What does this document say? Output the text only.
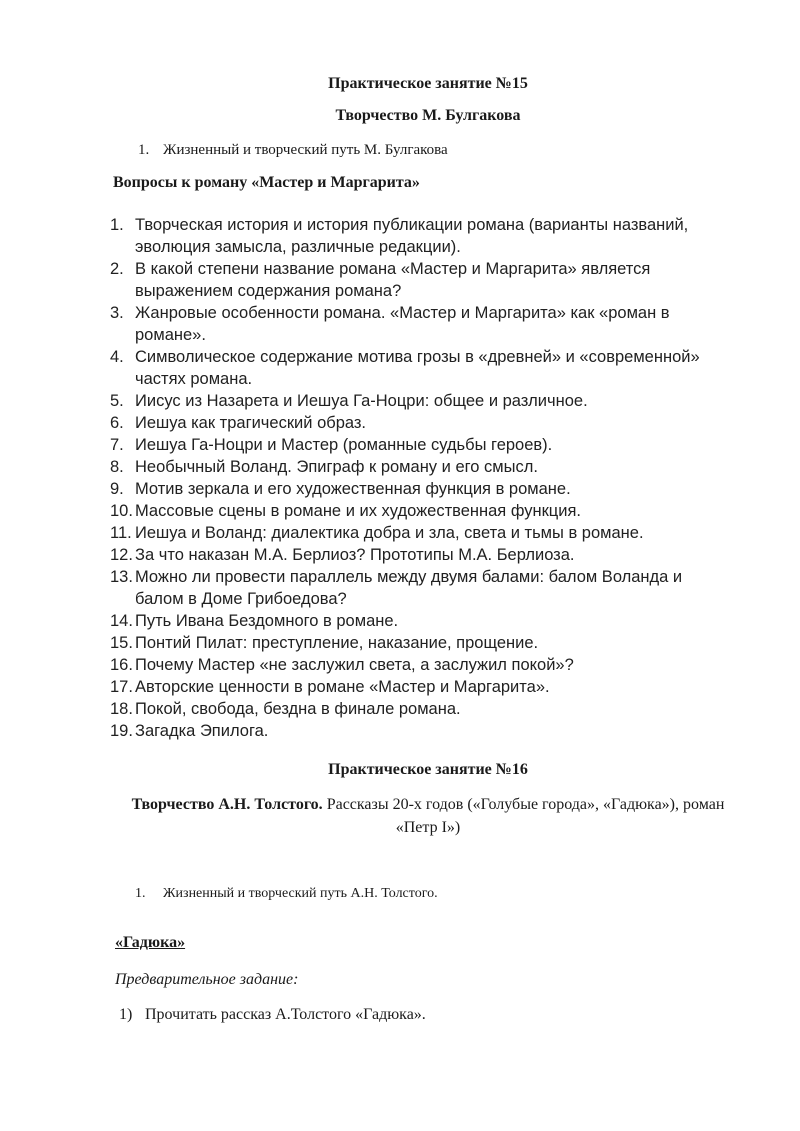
Практическое занятие №15
Творчество М. Булгакова
1. Жизненный и творческий путь М. Булгакова
Вопросы к роману «Мастер и Маргарита»
1. Творческая история и история публикации романа (варианты названий, эволюция замысла, различные редакции).
2. В какой степени название романа «Мастер и Маргарита» является выражением содержания романа?
3. Жанровые особенности романа. «Мастер и Маргарита» как «роман в романе».
4. Символическое содержание мотива грозы в «древней» и «современной» частях романа.
5. Иисус из Назарета и Иешуа Га-Ноцри: общее и различное.
6. Иешуа как трагический образ.
7. Иешуа Га-Ноцри и Мастер (романные судьбы героев).
8. Необычный Воланд. Эпиграф к роману и его смысл.
9. Мотив зеркала и его художественная функция в романе.
10. Массовые сцены в романе и их художественная функция.
11. Иешуа и Воланд: диалектика добра и зла, света и тьмы в романе.
12. За что наказан М.А. Берлиоз? Прототипы М.А. Берлиоза.
13. Можно ли провести параллель между двумя балами: балом Воланда и балом в Доме Грибоедова?
14. Путь Ивана Бездомного в романе.
15. Понтий Пилат: преступление, наказание, прощение.
16. Почему Мастер «не заслужил света, а заслужил покой»?
17. Авторские ценности в романе «Мастер и Маргарита».
18. Покой, свобода, бездна в финале романа.
19. Загадка Эпилога.
Практическое занятие №16
Творчество А.Н. Толстого. Рассказы 20-х годов («Голубые города», «Гадюка»), роман «Петр I»)
1. Жизненный и творческий путь А.Н. Толстого.
«Гадюка»
Предварительное задание:
1) Прочитать рассказ А.Толстого «Гадюка».
